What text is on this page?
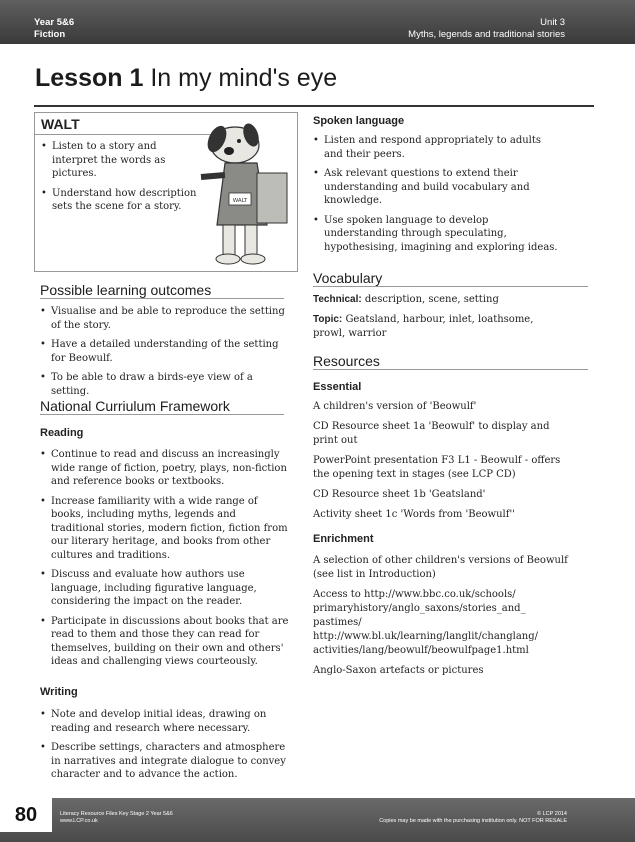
Year 5&6
Fiction
Unit 3
Myths, legends and traditional stories
Lesson 1 In my mind's eye
WALT
• Listen to a story and interpret the words as pictures.
• Understand how description sets the scene for a story.	WALT
Possible learning outcomes
• Visualise and be able to reproduce the setting of the story.
• Have a detailed understanding of the setting for Beowulf.
• To be able to draw a birds-eye view of a setting.
National Curriulum Framework
Reading
• Continue to read and discuss an increasingly wide range of fiction, poetry, plays, non-fiction and reference books or textbooks.
• Increase familiarity with a wide range of books, including myths, legends and traditional stories, modern fiction, fiction from our literary heritage, and books from other cultures and traditions.
• Discuss and evaluate how authors use language, including figurative language, considering the impact on the reader.
• Participate in discussions about books that are read to them and those they can read for themselves, building on their own and others' ideas and challenging views courteously.
Writing
• Note and develop initial ideas, drawing on reading and research where necessary.
• Describe settings, characters and atmosphere in narratives and integrate dialogue to convey character and to advance the action.
Spoken language
• Listen and respond appropriately to adults and their peers.
• Ask relevant questions to extend their understanding and build vocabulary and knowledge.
• Use spoken language to develop understanding through speculating, hypothesising, imagining and exploring ideas.
Vocabulary
Technical: description, scene, setting
Topic: Geatsland, harbour, inlet, loathsome, prowl, warrior
Resources
Essential
A children's version of 'Beowulf'
CD Resource sheet 1a 'Beowulf' to display and print out
PowerPoint presentation F3 L1 - Beowulf - offers the opening text in stages (see LCP CD)
CD Resource sheet 1b 'Geatsland'
Activity sheet 1c 'Words from 'Beowulf''
Enrichment
A selection of other children's versions of Beowulf (see list in Introduction)
Access to http://www.bbc.co.uk/schools/ primaryhistory/anglo_saxons/stories_and_ pastimes/ http://www.bl.uk/learning/langlit/changlang/ activities/lang/beowulf/beowulfpage1.html
Anglo-Saxon artefacts or pictures
80	Literacy Resource Files Key Stage 2 Year 5&6
www.LCP.co.uk
© LCP 2014
Copies may be made with the purchasing institution only. NOT FOR RESALE
